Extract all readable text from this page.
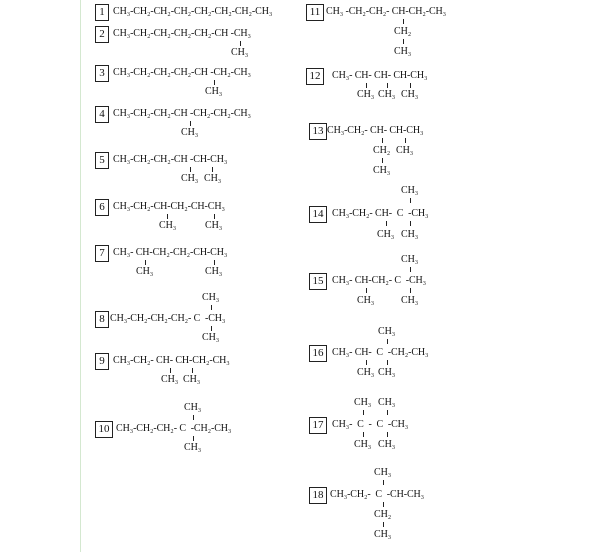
1 CH₃-CH₂-CH₂-CH₂-CH₂-CH₂-CH₂-CH₃
2 CH₃-CH₂-CH₂-CH₂-CH₂-CH -CH₃
CH₃
3 CH₃-CH₂-CH₂-CH₂-CH -CH₂-CH₃
CH₃
4 CH₃-CH₂-CH₂-CH -CH₂-CH₂-CH₃
CH₃
5 CH₃-CH₂-CH₂-CH -CH-CH₃
CH₃ CH₃
6 CH₃-CH₂-CH-CH₂-CH-CH₃
CH₃	CH₃
7 CH₃- CH-CH₂-CH₂-CH-CH₃
CH₃	CH₃
CH₃
8 CH₃-CH₂-CH₂-CH₂- C  -CH₃
CH₃
9 CH₃-CH₂- CH- CH-CH₂-CH₃
CH₃ CH₃
CH₃
10 CH₃-CH₂-CH₂- C  -CH₂-CH₃
CH₃
11 CH₃ -CH₂-CH₂- CH-CH₂-CH₃
CH₂
CH₃
12	CH₃- CH- CH- CH-CH₃
CH₃ CH₃ CH₃
13 CH₃-CH₂- CH- CH-CH₃
CH₂ CH₃
CH₃
CH₃
14 CH₃-CH₂- CH-  C  -CH₃
CH₃ CH₃
CH₃
15 CH₃- CH-CH₂- C  -CH₃
CH₃	CH₃
CH₃
16 CH₃- CH-  C  -CH₂-CH₃
CH₃ CH₃
CH₃ CH₃
17 CH₃-  C  -  C  -CH₃
CH₃ CH₃
CH₃
18 CH₃-CH₂-  C  -CH-CH₃
CH₂
CH₃
